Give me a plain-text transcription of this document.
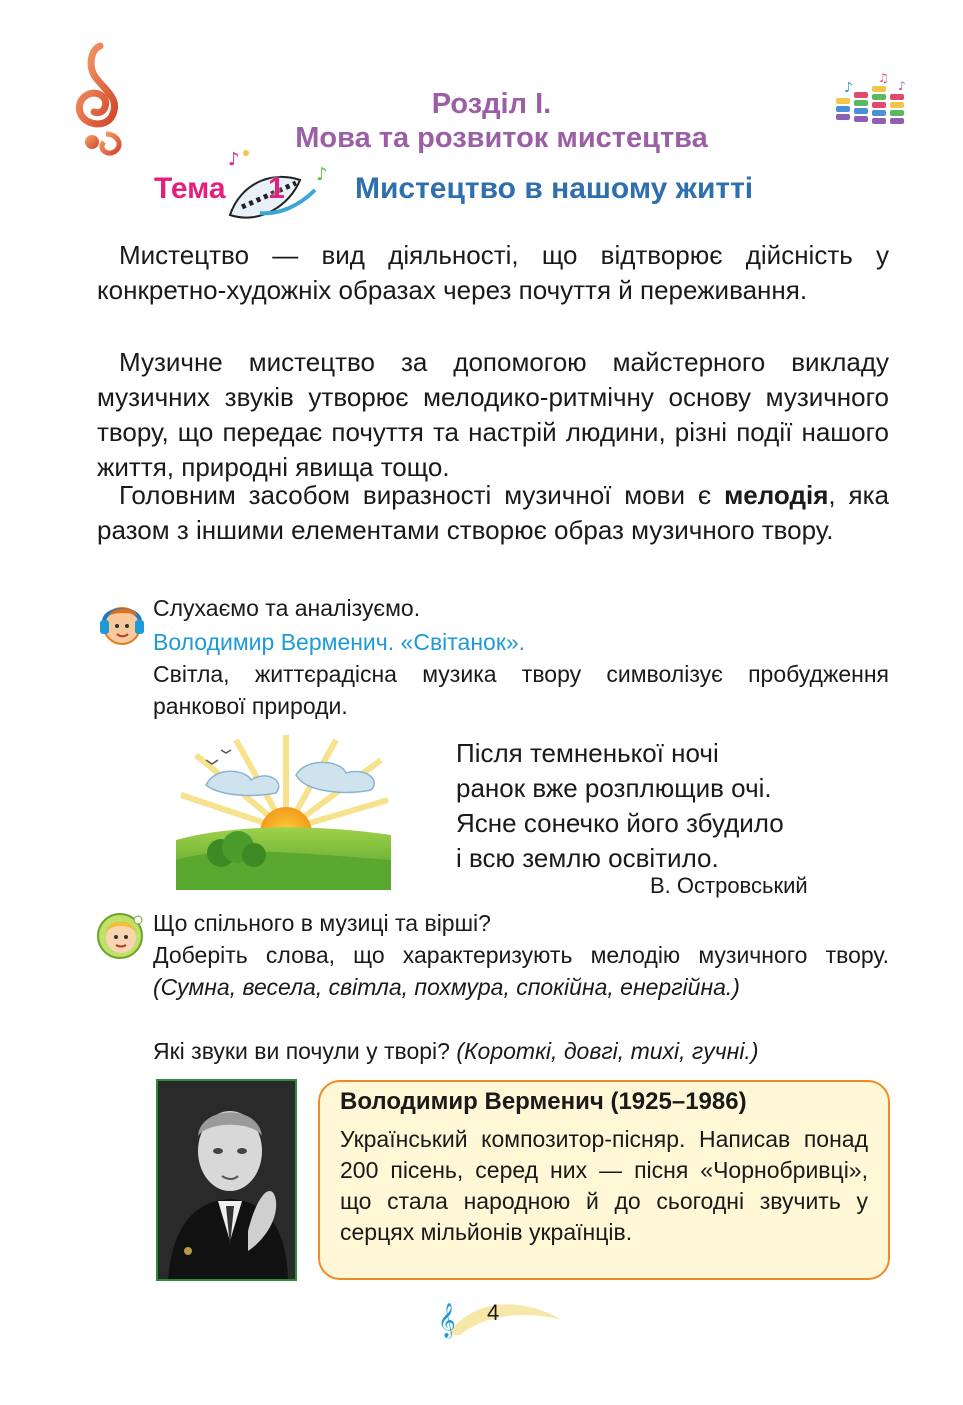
♪
♫
♪
Розділ І.
Мова та розвиток мистецтва
♪
♪
Тема 1 Мистецтво в нашому житті
Мистецтво — вид діяльності, що відтворює дійсність у конкретно-художніх образах через почуття й переживання.
Музичне мистецтво за допомогою майстерного викладу музичних звуків утворює мелодико-ритмічну основу музичного твору, що передає почуття та настрій людини, різні події нашого життя, природні явища тощо.
Головним засобом виразності музичної мови є мелодія, яка разом з іншими елементами створює образ музичного твору.
Слухаємо та аналізуємо.
Володимир Верменич. «Світанок».
Світла, життєрадісна музика твору символізує пробудження ранкової природи.
Після темненької ночі
ранок вже розплющив очі.
Ясне сонечко його збудило
і всю землю освітило.
В. Островський
Що спільного в музиці та вірші?
Доберіть слова, що характеризують мелодію музичного твору. (Сумна, весела, світла, похмура, спокійна, енергійна.)
Які звуки ви почули у творі? (Короткі, довгі, тихі, гучні.)
Володимир Верменич (1925–1986)
Український композитор-пісняр. Написав понад 200 пісень, серед них — пісня «Чорнобривці», що стала народною й до сьогодні звучить у серцях мільйонів українців.
𝄞 4
